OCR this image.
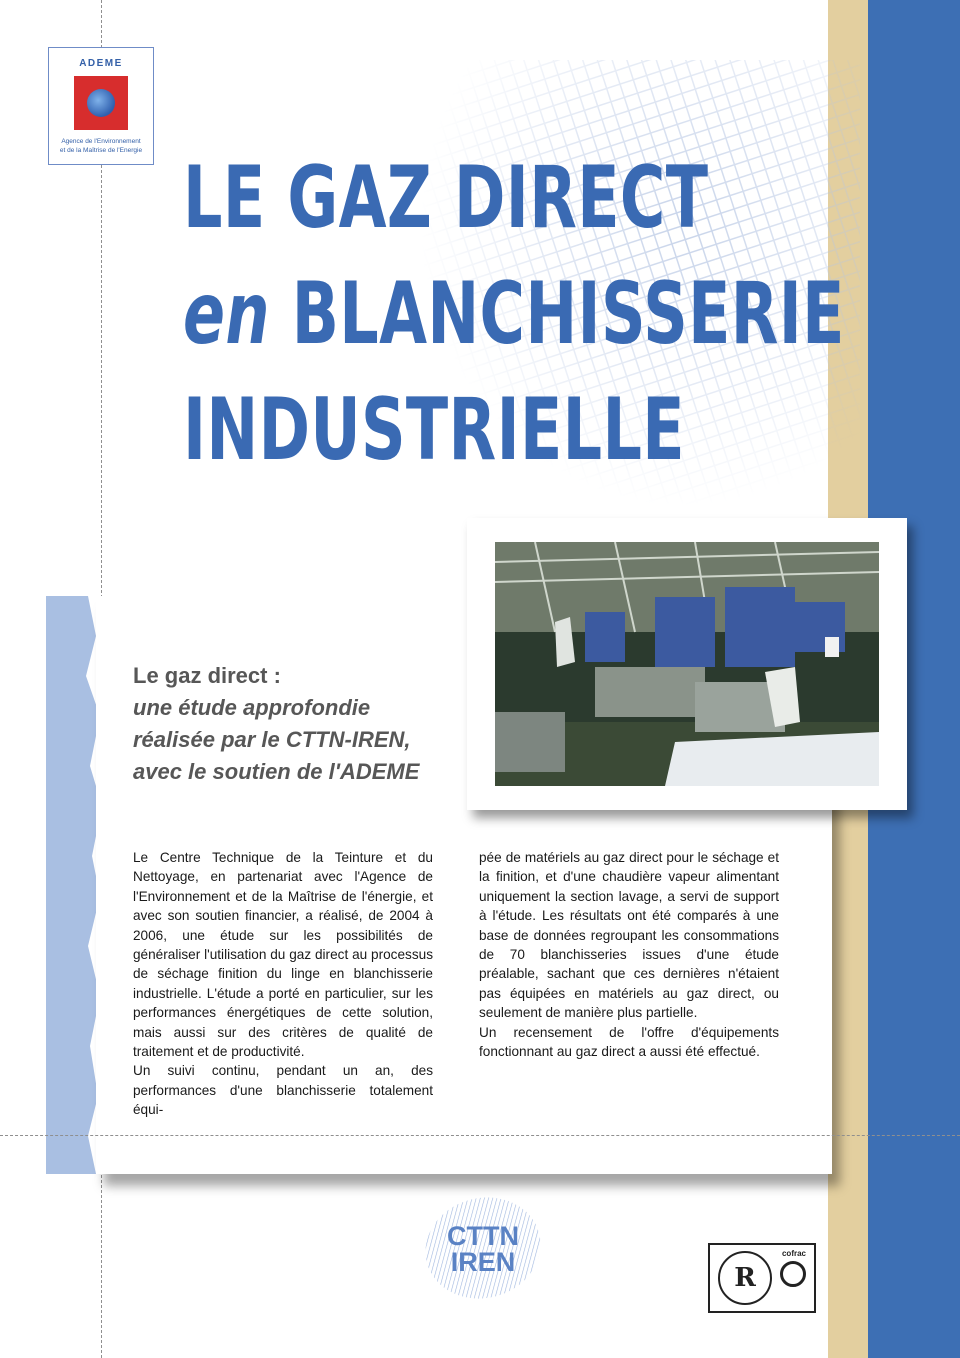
ADEME
Agence de l'Environnement
et de la Maîtrise de l'Energie LE GAZ DIRECT
en BLANCHISSERIE
INDUSTRIELLE
Le gaz direct :
une étude approfondie
réalisée par le CTTN-IREN,
avec le soutien de l'ADEME

Le Centre Technique de la Teinture et du Nettoyage, en partenariat avec l'Agence de l'Environnement et de la Maîtrise de l'énergie, et avec son soutien financier, a réalisé, de 2004 à 2006, une étude sur les possibilités de généraliser l'utilisation du gaz direct au processus de séchage finition du linge en blanchisserie industrielle. L'étude a porté en particulier, sur les performances énergétiques de cette solution, mais aussi sur des critères de qualité de traitement et de productivité.

Un suivi continu, pendant un an, des performances d'une blanchisserie totalement équi-

pée de matériels au gaz direct pour le séchage et la finition, et d'une chaudière vapeur alimentant uniquement la section lavage, a servi de support à l'étude. Les résultats ont été comparés à une base de données regroupant les consommations de 70 blanchisseries issues d'une étude préalable, sachant que ces dernières n'étaient pas équipées en matériels au gaz direct, ou seulement de manière plus partielle.

Un recensement de l'offre d'équipements fonctionnant au gaz direct a aussi été effectué.

CTTN
IREN
R
cofrac
